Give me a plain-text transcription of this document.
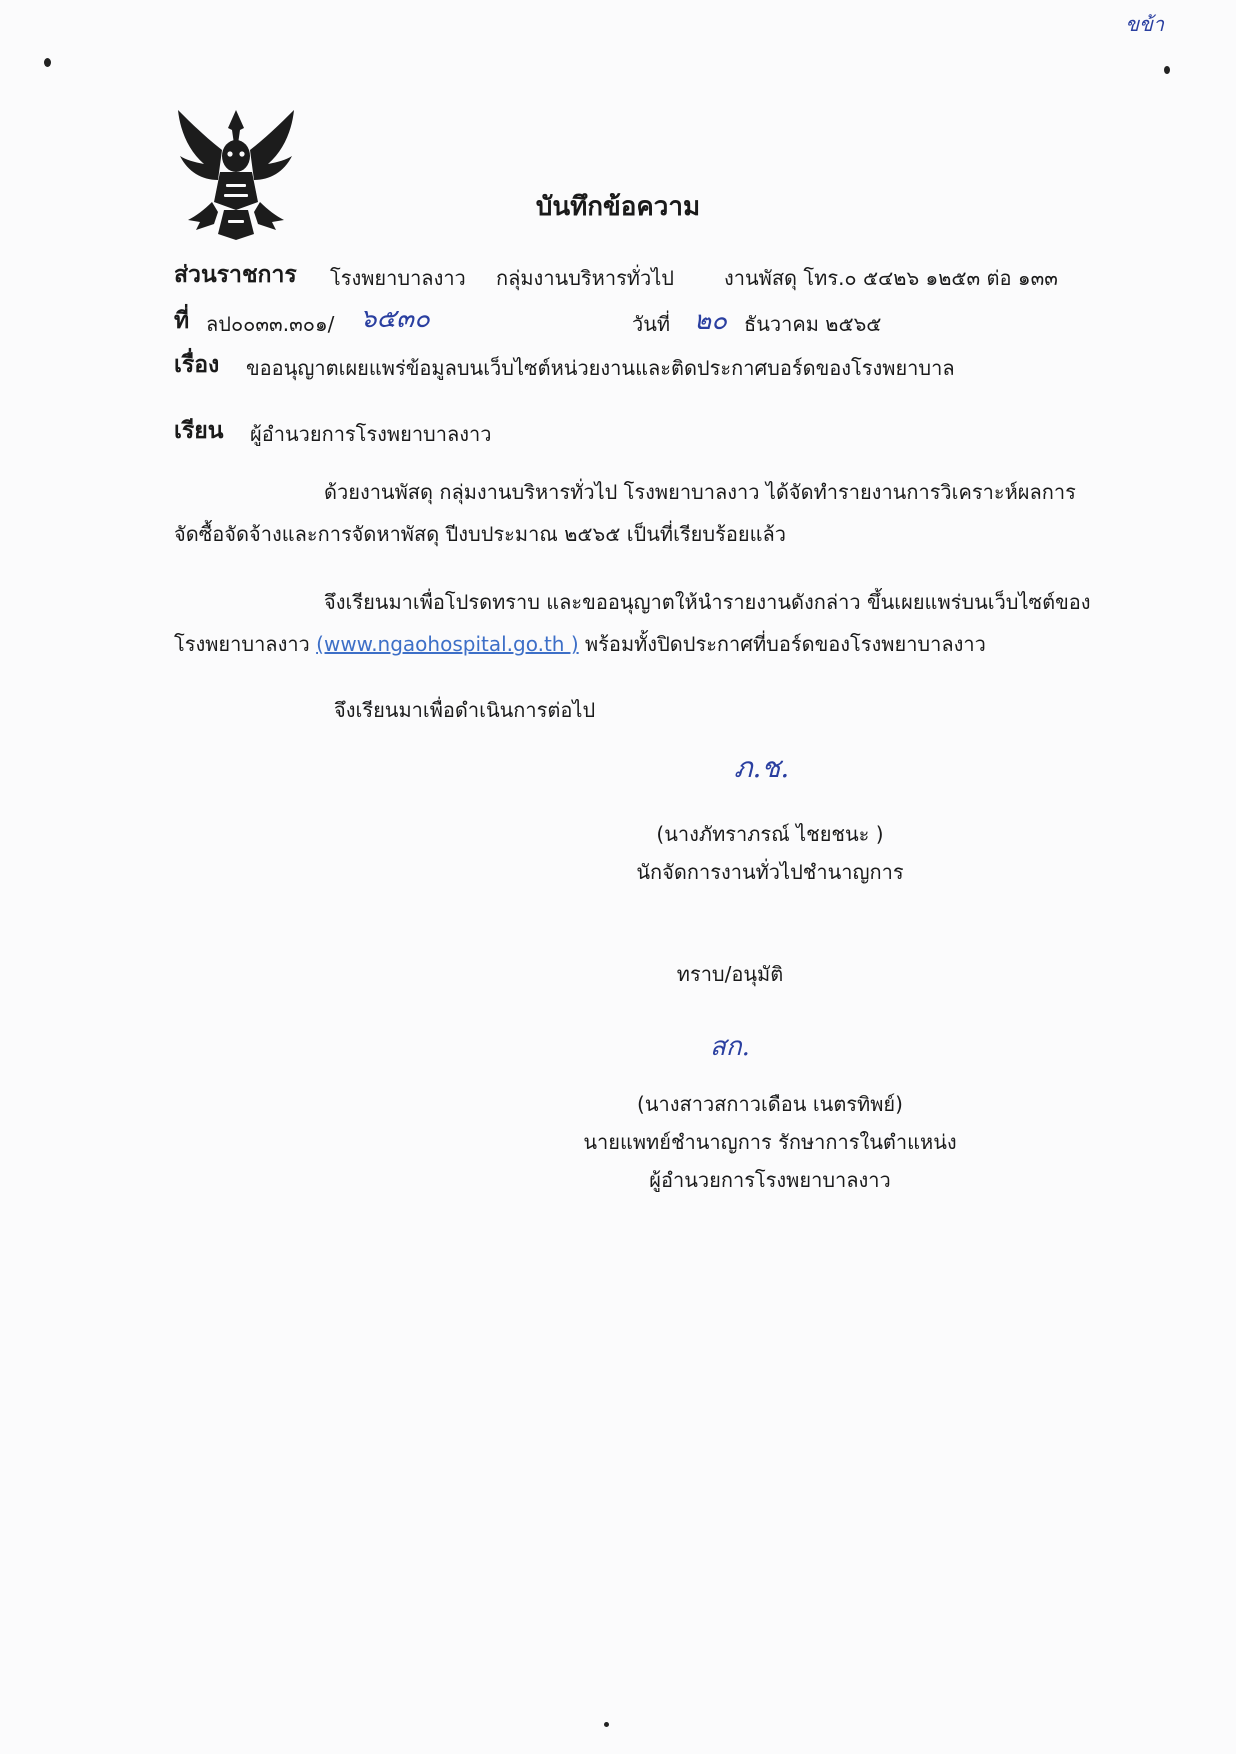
ขข้า
บันทึกข้อความ
ส่วนราชการ โรงพยาบาลงาว กลุ่มงานบริหารทั่วไป	งานพัสดุ โทร.๐ ๕๔๒๖ ๑๒๕๓ ต่อ ๑๓๓
ที่ ลป๐๐๓๓.๓๐๑/ ๖๕๓๐	วันที่ ๒๐ ธันวาคม ๒๕๖๕
เรื่อง ขออนุญาตเผยแพร่ข้อมูลบนเว็บไซต์หน่วยงานและติดประกาศบอร์ดของโรงพยาบาล
เรียน ผู้อำนวยการโรงพยาบาลงาว
ด้วยงานพัสดุ กลุ่มงานบริหารทั่วไป โรงพยาบาลงาว ได้จัดทำรายงานการวิเคราะห์ผลการ
จัดซื้อจัดจ้างและการจัดหาพัสดุ ปีงบประมาณ ๒๕๖๕ เป็นที่เรียบร้อยแล้ว
จึงเรียนมาเพื่อโปรดทราบ และขออนุญาตให้นำรายงานดังกล่าว ขึ้นเผยแพร่บนเว็บไซต์ของ
โรงพยาบาลงาว (www.ngaohospital.go.th ) พร้อมทั้งปิดประกาศที่บอร์ดของโรงพยาบาลงาว
จึงเรียนมาเพื่อดำเนินการต่อไป
ภ.ช.
(นางภัทราภรณ์ ไชยชนะ )
นักจัดการงานทั่วไปชำนาญการ
ทราบ/อนุมัติ
สก.
(นางสาวสกาวเดือน เนตรทิพย์)
นายแพทย์ชำนาญการ รักษาการในตำแหน่ง
ผู้อำนวยการโรงพยาบาลงาว
